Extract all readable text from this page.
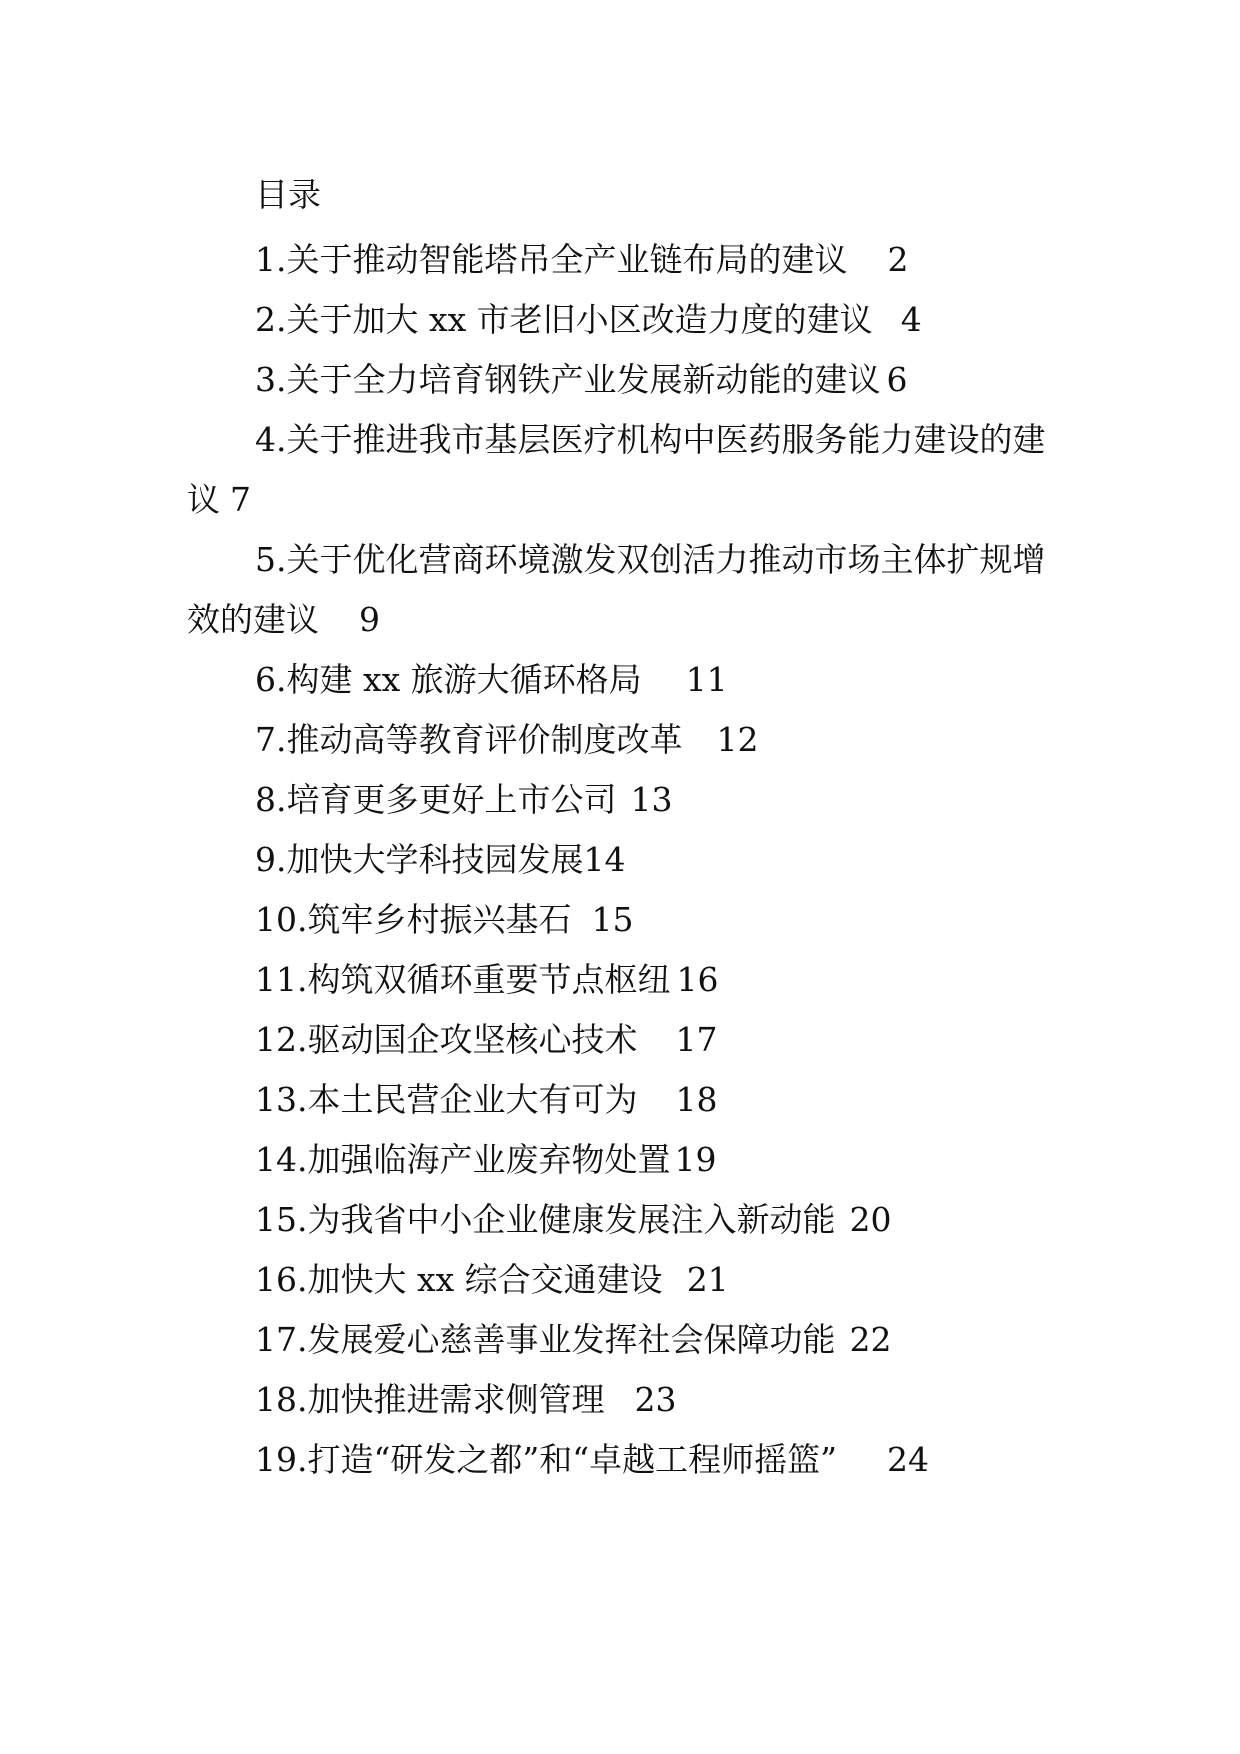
目录
1.关于推动智能塔吊全产业链布局的建议 2
2.关于加大 xx 市老旧小区改造力度的建议 4
3.关于全力培育钢铁产业发展新动能的建议 6
4.关于推进我市基层医疗机构中医药服务能力建设的建
议 7
5.关于优化营商环境激发双创活力推动市场主体扩规增
效的建议 9
6.构建 xx 旅游大循环格局 11
7.推动高等教育评价制度改革 12
8.培育更多更好上市公司 13
9.加快大学科技园发展14
10.筑牢乡村振兴基石 15
11.构筑双循环重要节点枢纽 16
12.驱动国企攻坚核心技术 17
13.本土民营企业大有可为 18
14.加强临海产业废弃物处置 19
15.为我省中小企业健康发展注入新动能 20
16.加快大 xx 综合交通建设 21
17.发展爱心慈善事业发挥社会保障功能 22
18.加快推进需求侧管理 23
19.打造“研发之都”和“卓越工程师摇篮” 24
